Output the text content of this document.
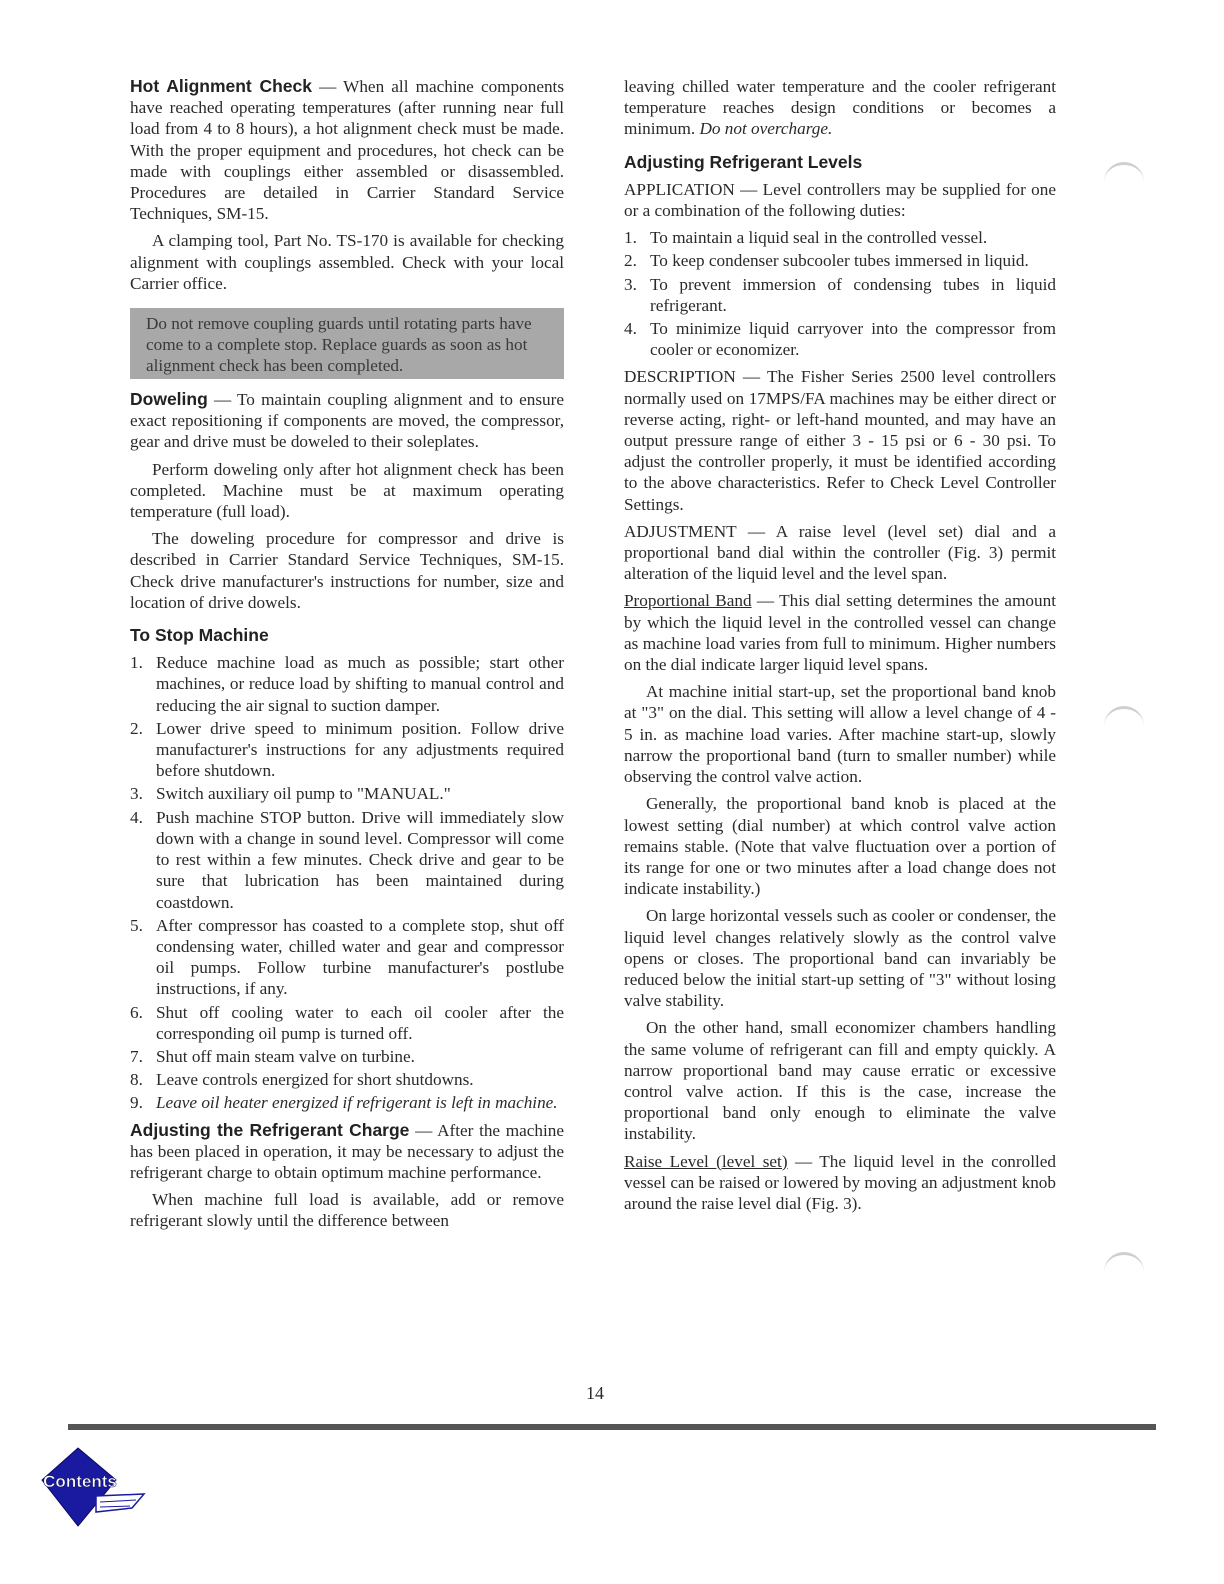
Hot Alignment Check — When all machine components have reached operating temperatures (after running near full load from 4 to 8 hours), a hot alignment check must be made. With the proper equipment and procedures, hot check can be made with couplings either assembled or disassembled. Procedures are detailed in Carrier Standard Service Techniques, SM-15.

A clamping tool, Part No. TS-170 is available for checking alignment with couplings assembled. Check with your local Carrier office.

Do not remove coupling guards until rotating parts have come to a complete stop. Replace guards as soon as hot alignment check has been completed.

Doweling — To maintain coupling alignment and to ensure exact repositioning if components are moved, the compressor, gear and drive must be doweled to their soleplates.

Perform doweling only after hot alignment check has been completed. Machine must be at maximum operating temperature (full load).

The doweling procedure for compressor and drive is described in Carrier Standard Service Techniques, SM-15. Check drive manufacturer's instructions for number, size and location of drive dowels.

To Stop Machine
1. Reduce machine load as much as possible; start other machines, or reduce load by shifting to manual control and reducing the air signal to suction damper.
2. Lower drive speed to minimum position. Follow drive manufacturer's instructions for any adjustments required before shutdown.
3. Switch auxiliary oil pump to "MANUAL."
4. Push machine STOP button. Drive will immediately slow down with a change in sound level. Compressor will come to rest within a few minutes. Check drive and gear to be sure that lubrication has been maintained during coastdown.
5. After compressor has coasted to a complete stop, shut off condensing water, chilled water and gear and compressor oil pumps. Follow turbine manufacturer's postlube instructions, if any.
6. Shut off cooling water to each oil cooler after the corresponding oil pump is turned off.
7. Shut off main steam valve on turbine.
8. Leave controls energized for short shutdowns.
9. Leave oil heater energized if refrigerant is left in machine.

Adjusting the Refrigerant Charge — After the machine has been placed in operation, it may be necessary to adjust the refrigerant charge to obtain optimum machine performance.

When machine full load is available, add or remove refrigerant slowly until the difference between

leaving chilled water temperature and the cooler refrigerant temperature reaches design conditions or becomes a minimum. Do not overcharge.

Adjusting Refrigerant Levels

APPLICATION — Level controllers may be supplied for one or a combination of the following duties:

1. To maintain a liquid seal in the controlled vessel.
2. To keep condenser subcooler tubes immersed in liquid.
3. To prevent immersion of condensing tubes in liquid refrigerant.
4. To minimize liquid carryover into the compressor from cooler or economizer.

DESCRIPTION — The Fisher Series 2500 level controllers normally used on 17MPS/FA machines may be either direct or reverse acting, right- or left-hand mounted, and may have an output pressure range of either 3 - 15 psi or 6 - 30 psi. To adjust the controller properly, it must be identified according to the above characteristics. Refer to Check Level Controller Settings.

ADJUSTMENT — A raise level (level set) dial and a proportional band dial within the controller (Fig. 3) permit alteration of the liquid level and the level span.

Proportional Band — This dial setting determines the amount by which the liquid level in the controlled vessel can change as machine load varies from full to minimum. Higher numbers on the dial indicate larger liquid level spans.

At machine initial start-up, set the proportional band knob at "3" on the dial. This setting will allow a level change of 4 - 5 in. as machine load varies. After machine start-up, slowly narrow the proportional band (turn to smaller number) while observing the control valve action.

Generally, the proportional band knob is placed at the lowest setting (dial number) at which control valve action remains stable. (Note that valve fluctuation over a portion of its range for one or two minutes after a load change does not indicate instability.)

On large horizontal vessels such as cooler or condenser, the liquid level changes relatively slowly as the control valve opens or closes. The proportional band can invariably be reduced below the initial start-up setting of "3" without losing valve stability.

On the other hand, small economizer chambers handling the same volume of refrigerant can fill and empty quickly. A narrow proportional band may cause erratic or excessive control valve action. If this is the case, increase the proportional band only enough to eliminate the valve instability.

Raise Level (level set) — The liquid level in the conrolled vessel can be raised or lowered by moving an adjustment knob around the raise level dial (Fig. 3).

14
Contents
